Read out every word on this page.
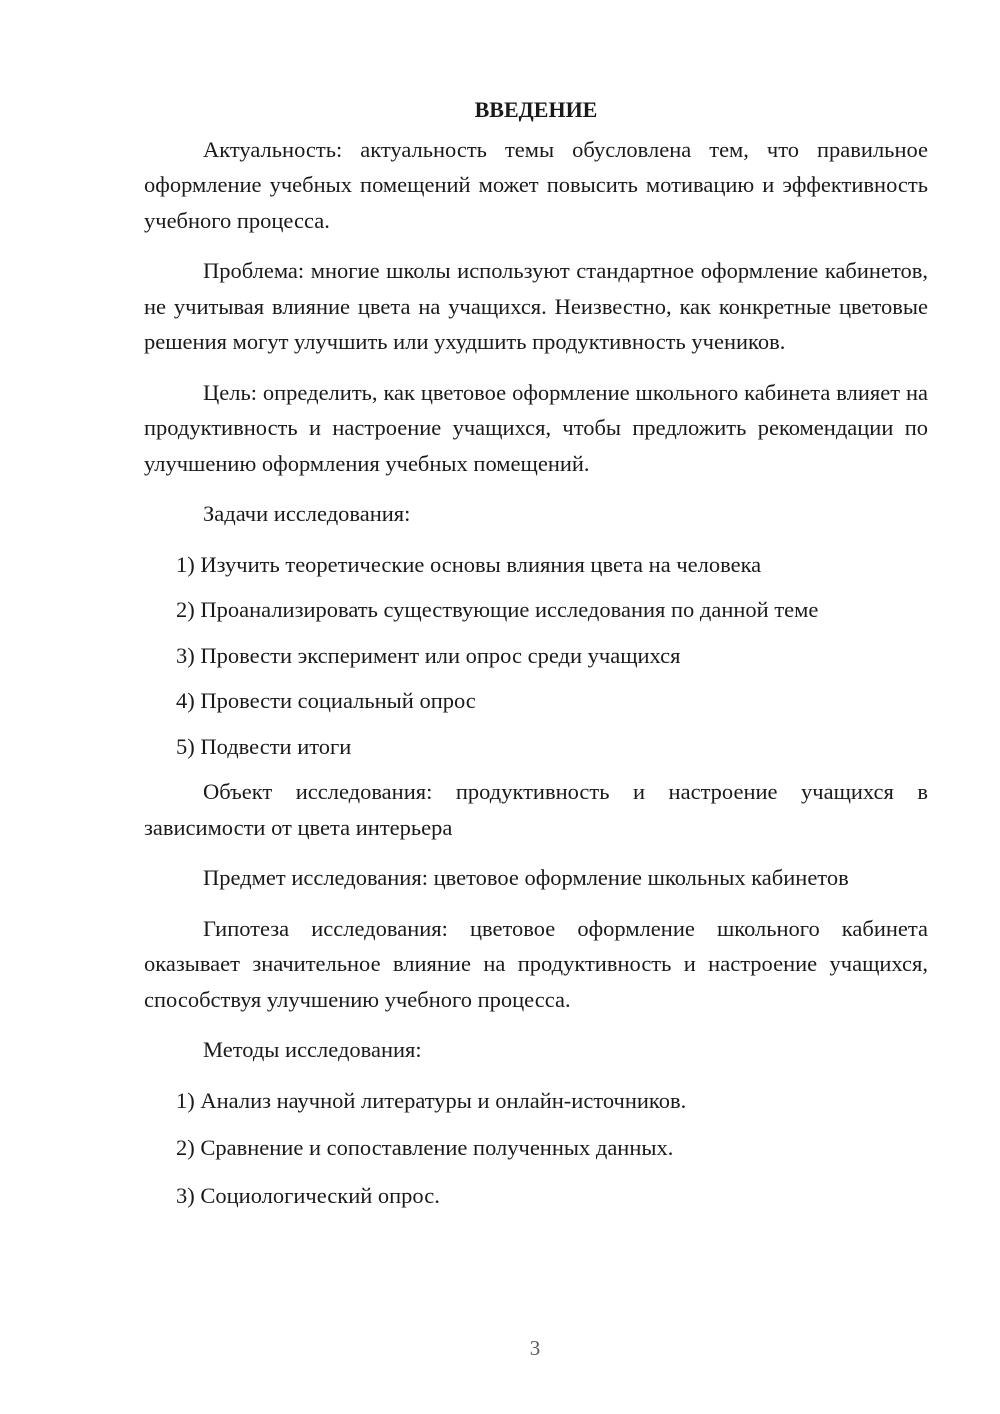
ВВЕДЕНИЕ

Актуальность: актуальность темы обусловлена тем, что правильное оформление учебных помещений может повысить мотивацию и эффективность учебного процесса.

Проблема: многие школы используют стандартное оформление кабинетов, не учитывая влияние цвета на учащихся. Неизвестно, как конкретные цветовые решения могут улучшить или ухудшить продуктивность учеников.

Цель: определить, как цветовое оформление школьного кабинета влияет на продуктивность и настроение учащихся, чтобы предложить рекомендации по улучшению оформления учебных помещений.

Задачи исследования:

1) Изучить теоретические основы влияния цвета на человека
2) Проанализировать существующие исследования по данной теме
3) Провести эксперимент или опрос среди учащихся
4) Провести социальный опрос
5) Подвести итоги

Объект исследования: продуктивность и настроение учащихся в зависимости от цвета интерьера

Предмет исследования: цветовое оформление школьных кабинетов

Гипотеза исследования: цветовое оформление школьного кабинета оказывает значительное влияние на продуктивность и настроение учащихся, способствуя улучшению учебного процесса.

Методы исследования:

1) Анализ научной литературы и онлайн-источников.
2) Сравнение и сопоставление полученных данных.
3) Социологический опрос.
3
